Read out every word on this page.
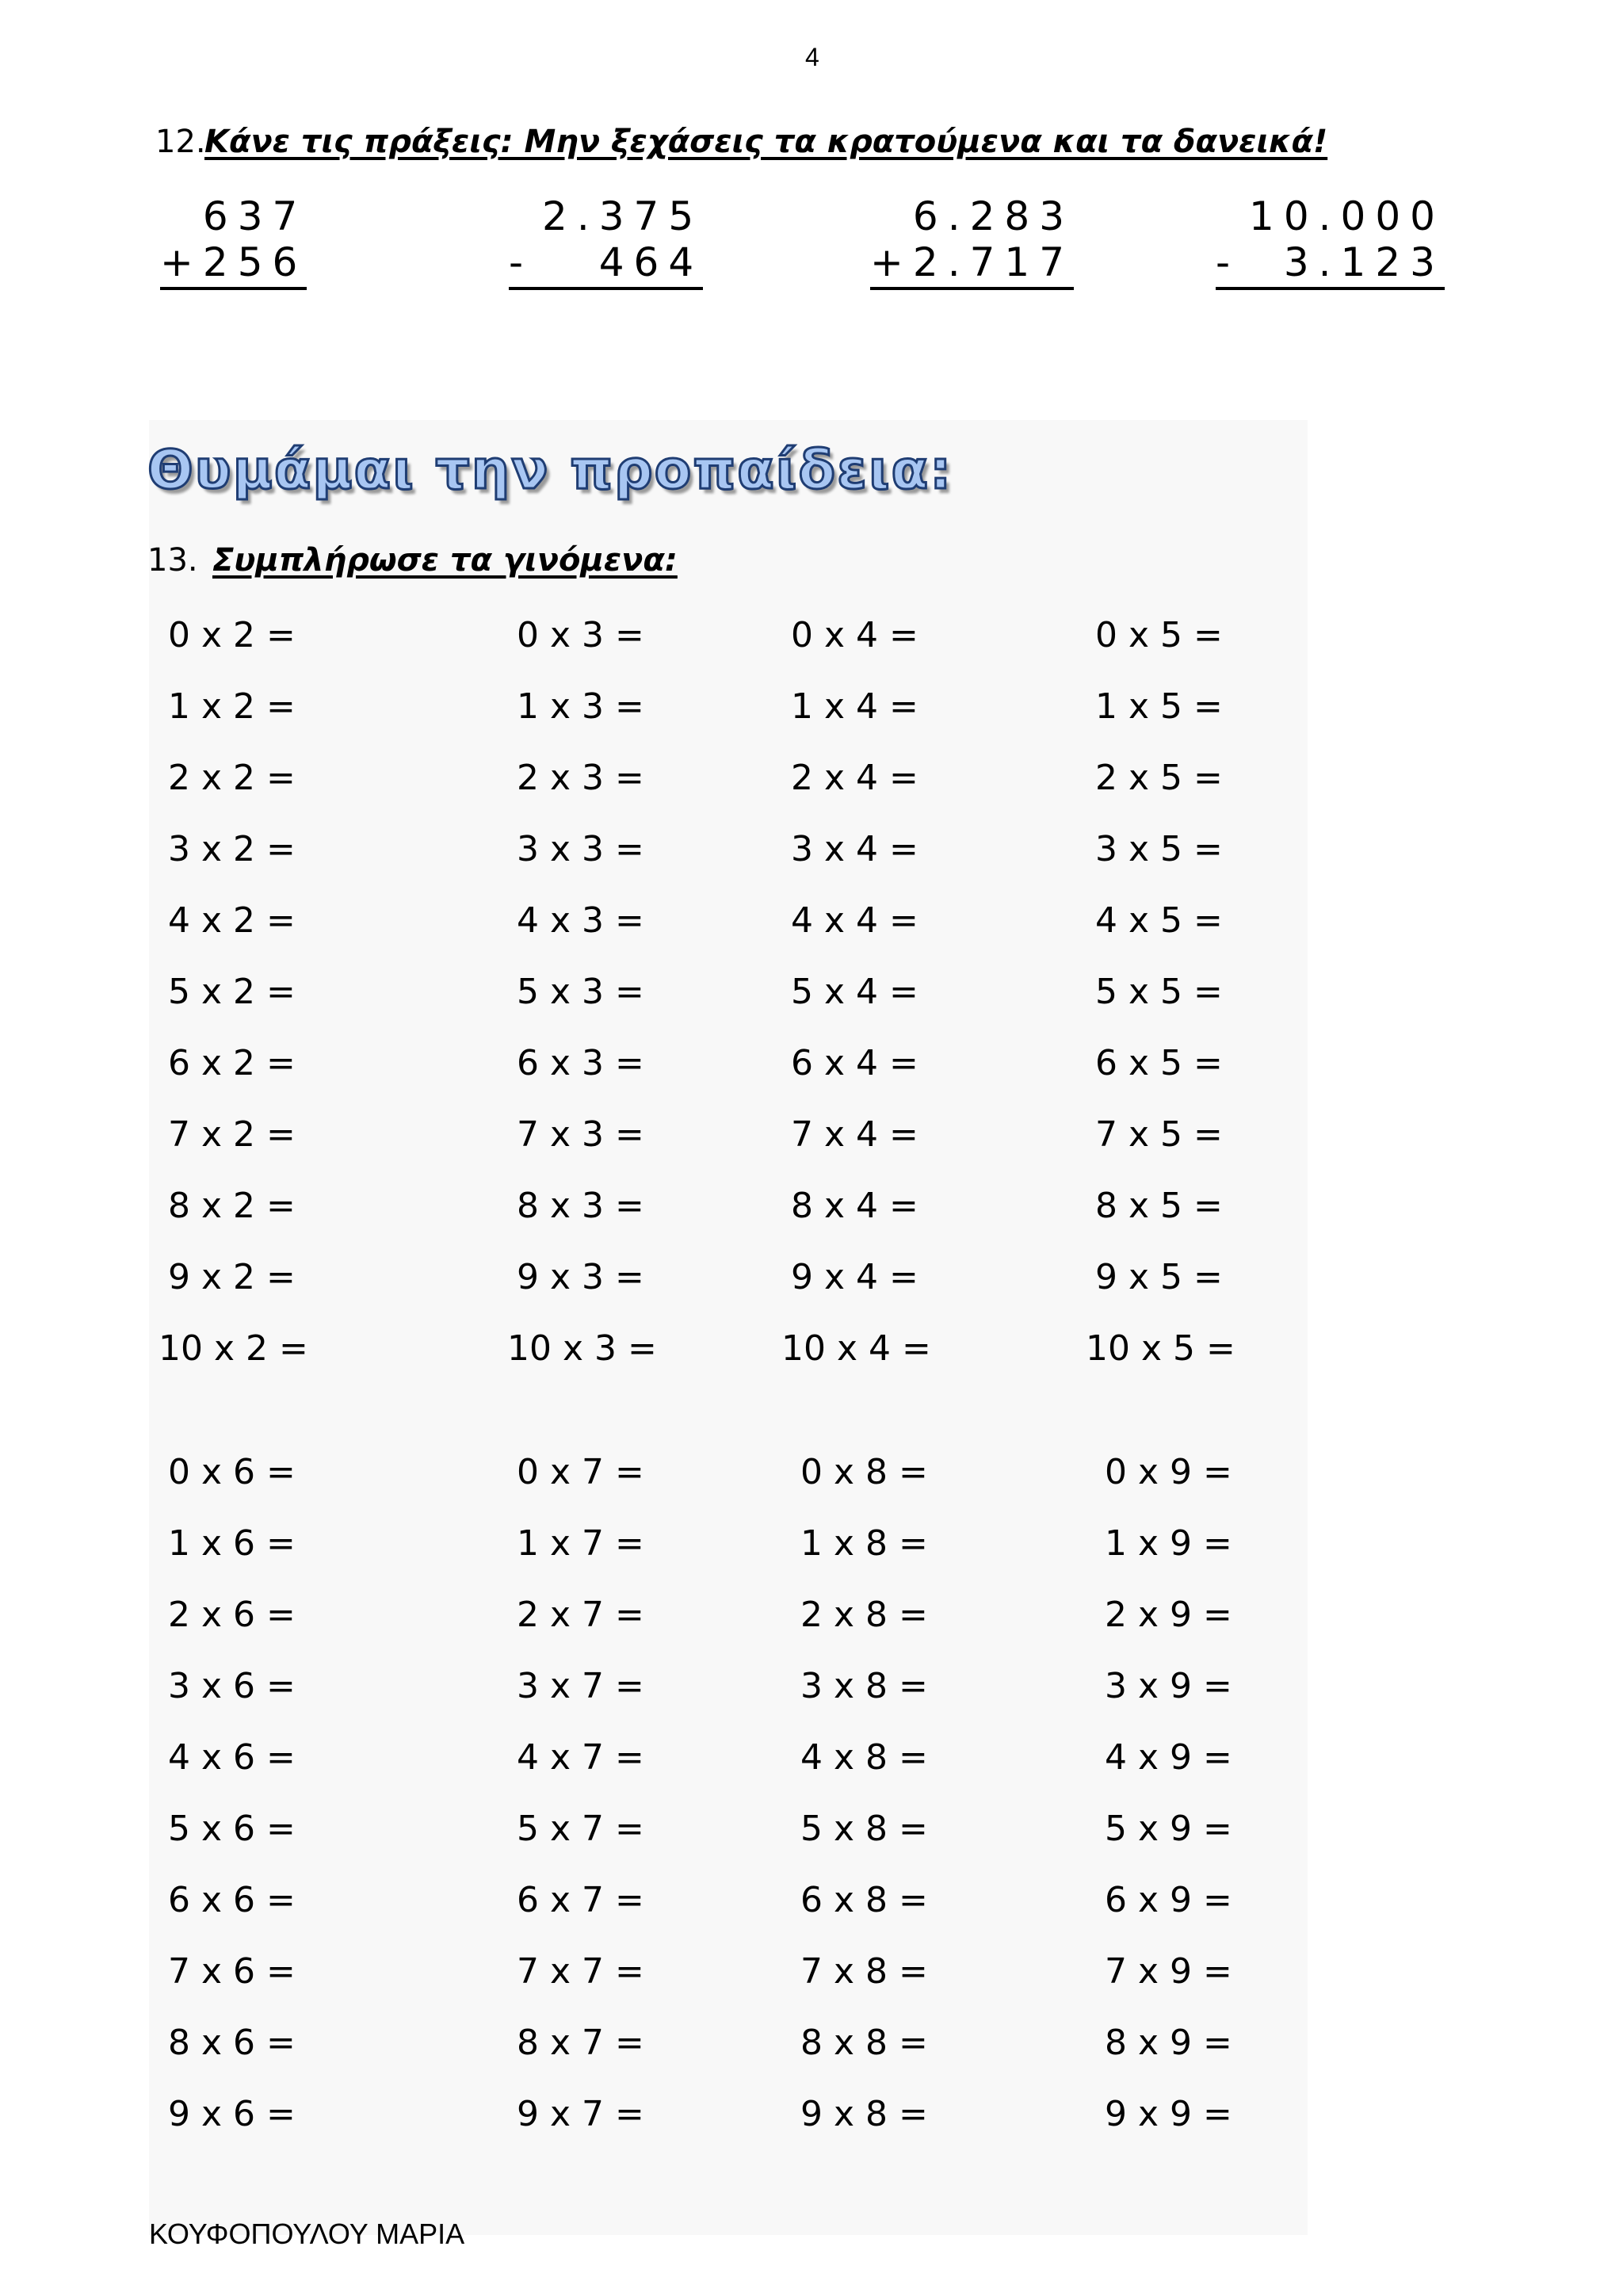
4
12.
Κάνε τις πράξεις: Μην ξεχάσεις τα κρατούμενα και τα δανεικά!
637
+256
2.375
-   464
6.283
+2.717
10.000
-  3.123
Θυμάμαι την προπαίδεια:
13. Συμπλήρωσε τα γινόμενα:
0 x 2 =
1 x 2 =
2 x 2 =
3 x 2 =
4 x 2 =
5 x 2 =
6 x 2 =
7 x 2 =
8 x 2 =
9 x 2 =
10 x 2 =
0 x 3 =
1 x 3 =
2 x 3 =
3 x 3 =
4 x 3 =
5 x 3 =
6 x 3 =
7 x 3 =
8 x 3 =
9 x 3 =
10 x 3 =
0 x 4 =
1 x 4 =
2 x 4 =
3 x 4 =
4 x 4 =
5 x 4 =
6 x 4 =
7 x 4 =
8 x 4 =
9 x 4 =
10 x 4 =
0 x 5 =
1 x 5 =
2 x 5 =
3 x 5 =
4 x 5 =
5 x 5 =
6 x 5 =
7 x 5 =
8 x 5 =
9 x 5 =
10 x 5 =
0 x 6 =
1 x 6 =
2 x 6 =
3 x 6 =
4 x 6 =
5 x 6 =
6 x 6 =
7 x 6 =
8 x 6 =
9 x 6 =
0 x 7 =
1 x 7 =
2 x 7 =
3 x 7 =
4 x 7 =
5 x 7 =
6 x 7 =
7 x 7 =
8 x 7 =
9 x 7 =
0 x 8 =
1 x 8 =
2 x 8 =
3 x 8 =
4 x 8 =
5 x 8 =
6 x 8 =
7 x 8 =
8 x 8 =
9 x 8 =
0 x 9 =
1 x 9 =
2 x 9 =
3 x 9 =
4 x 9 =
5 x 9 =
6 x 9 =
7 x 9 =
8 x 9 =
9 x 9 =
ΚΟΥΦΟΠΟΥΛΟΥ ΜΑΡΙΑ
